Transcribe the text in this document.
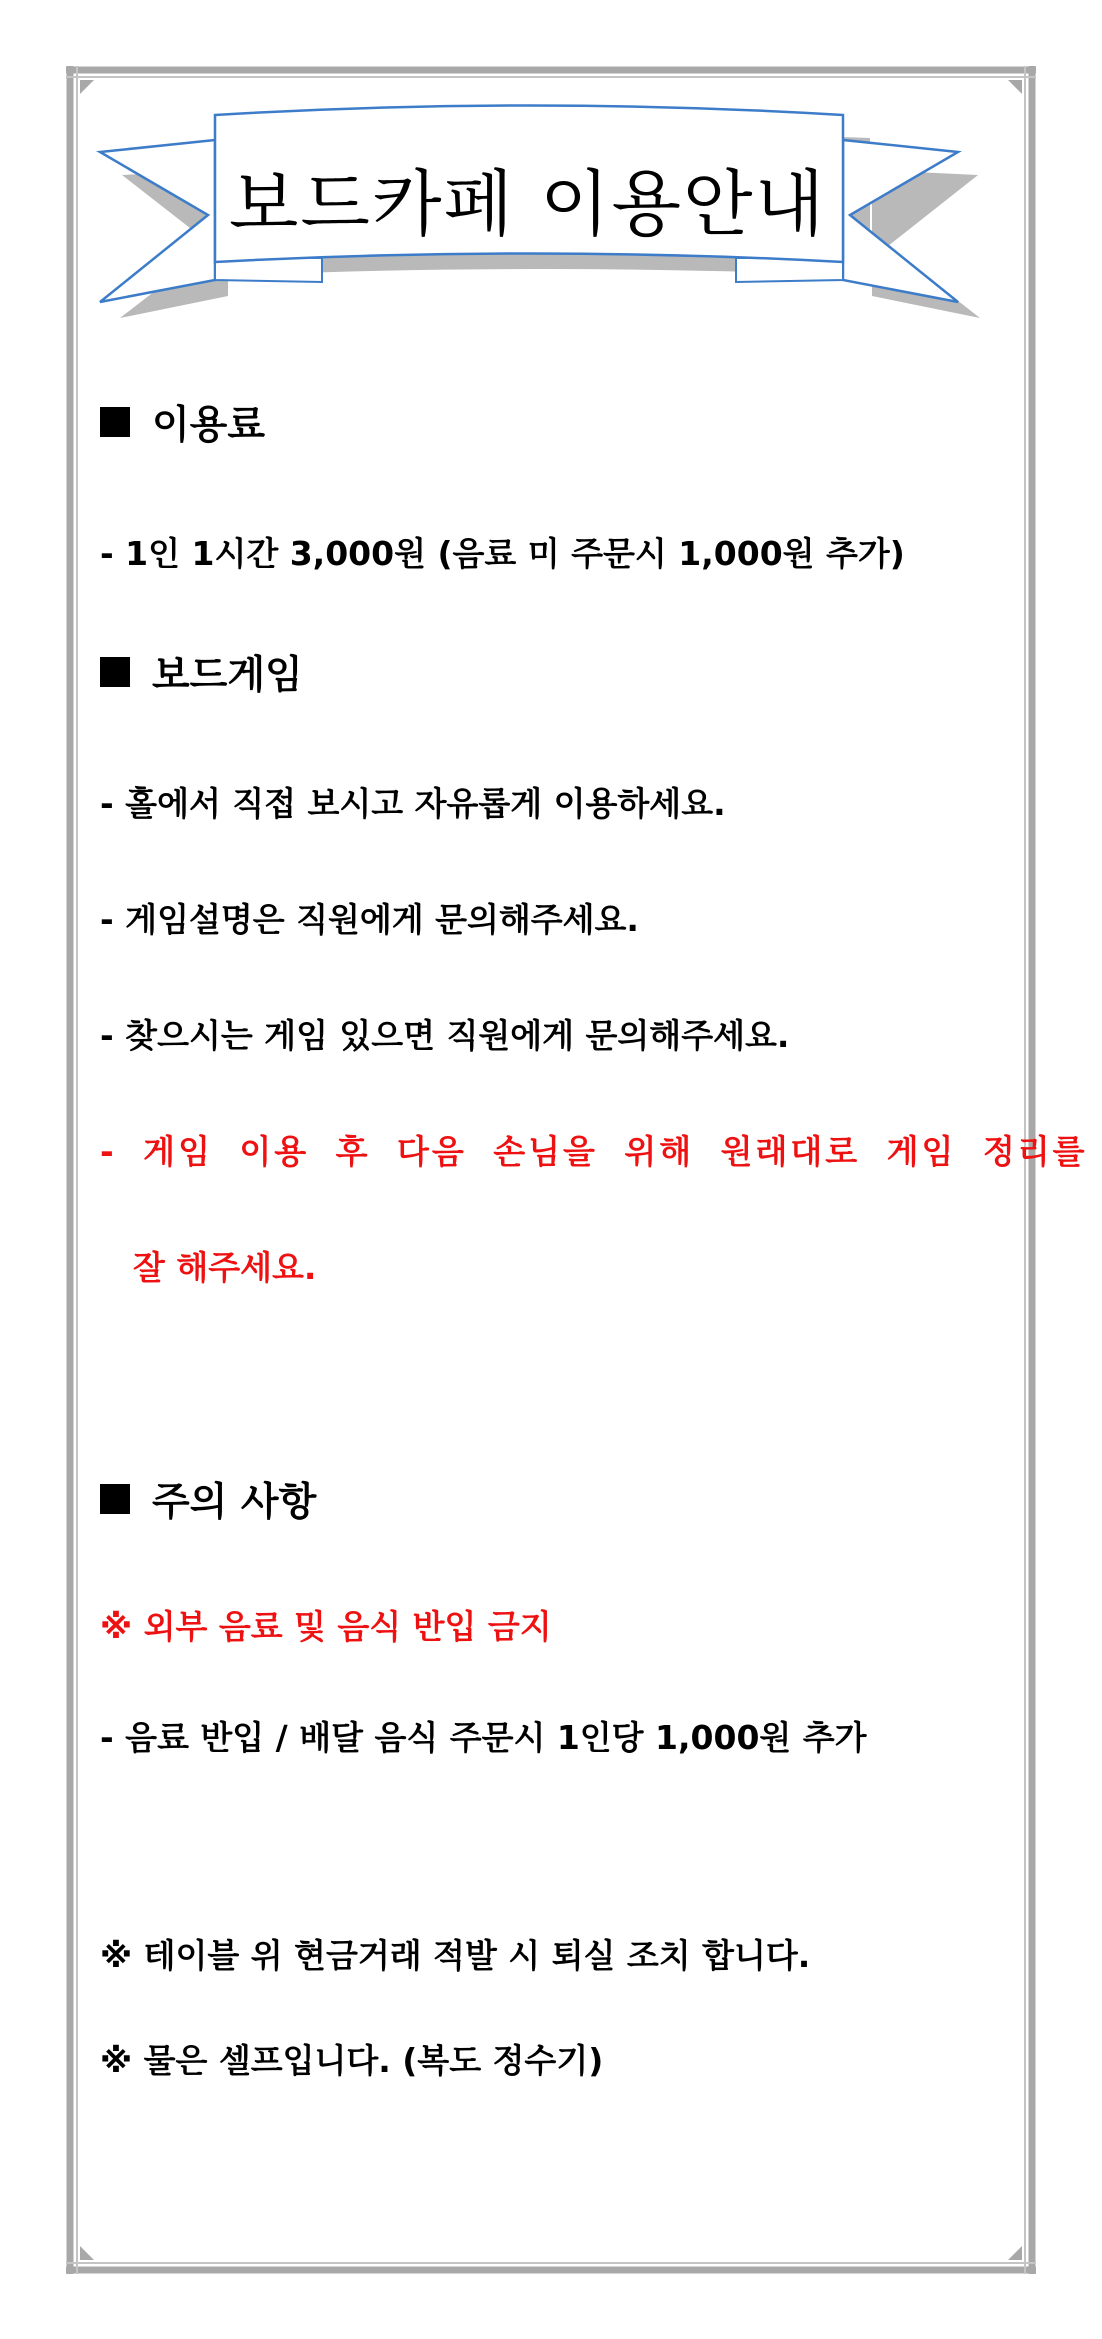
보드카페 이용안내
이용료
- 1인 1시간 3,000원 (음료 미 주문시 1,000원 추가)
보드게임
- 홀에서 직접 보시고 자유롭게 이용하세요.
- 게임설명은 직원에게 문의해주세요.
- 찾으시는 게임 있으면 직원에게 문의해주세요.
- 게임 이용 후 다음 손님을 위해 원래대로 게임 정리를
잘 해주세요.
주의 사항
※ 외부 음료 및 음식 반입 금지
- 음료 반입 / 배달 음식 주문시 1인당 1,000원 추가
※ 테이블 위 현금거래 적발 시 퇴실 조치 합니다.
※ 물은 셀프입니다. (복도 정수기)
